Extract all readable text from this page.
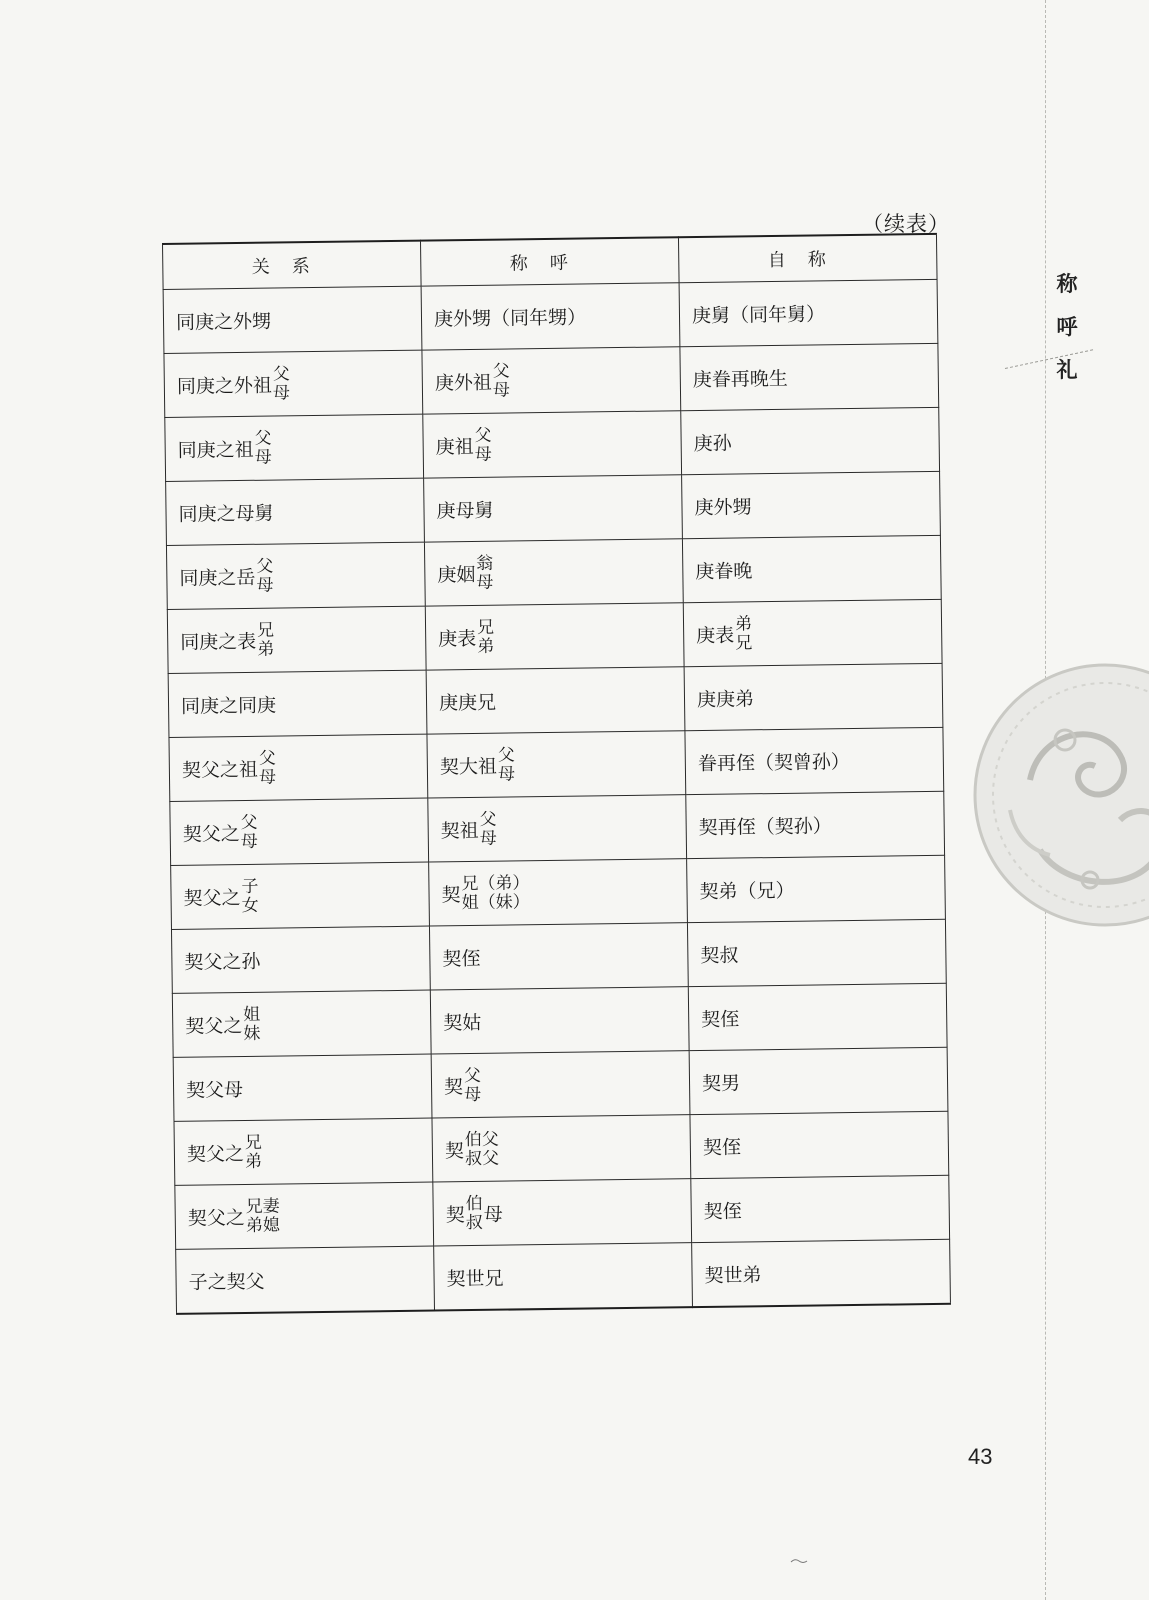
称
呼
礼
（续表）
关系	称呼	自称

同庚之外甥	庚外甥（同年甥）	庚舅（同年舅）

同庚之外祖
父
母	庚外祖
父
母	庚眷再晚生

同庚之祖
父
母	庚祖
父
母	庚孙

同庚之母舅	庚母舅	庚外甥

同庚之岳
父
母	庚姻
翁
母	庚眷晚

同庚之表
兄
弟	庚表
兄
弟	庚表
弟
兄

同庚之同庚	庚庚兄	庚庚弟

契父之祖
父
母	契大祖
父
母	眷再侄（契曾孙）

契父之
父
母	契祖
父
母	契再侄（契孙）

契父之
子
女	契
兄（弟）
姐（妹）	契弟（兄）

契父之孙	契侄	契叔

契父之
姐
妹	契姑	契侄

契父母	契
父
母	契男

契父之
兄
弟	契
伯父
叔父	契侄

契父之
兄妻
弟媳	契
伯
叔 母	契侄

子之契父	契世兄	契世弟
43
